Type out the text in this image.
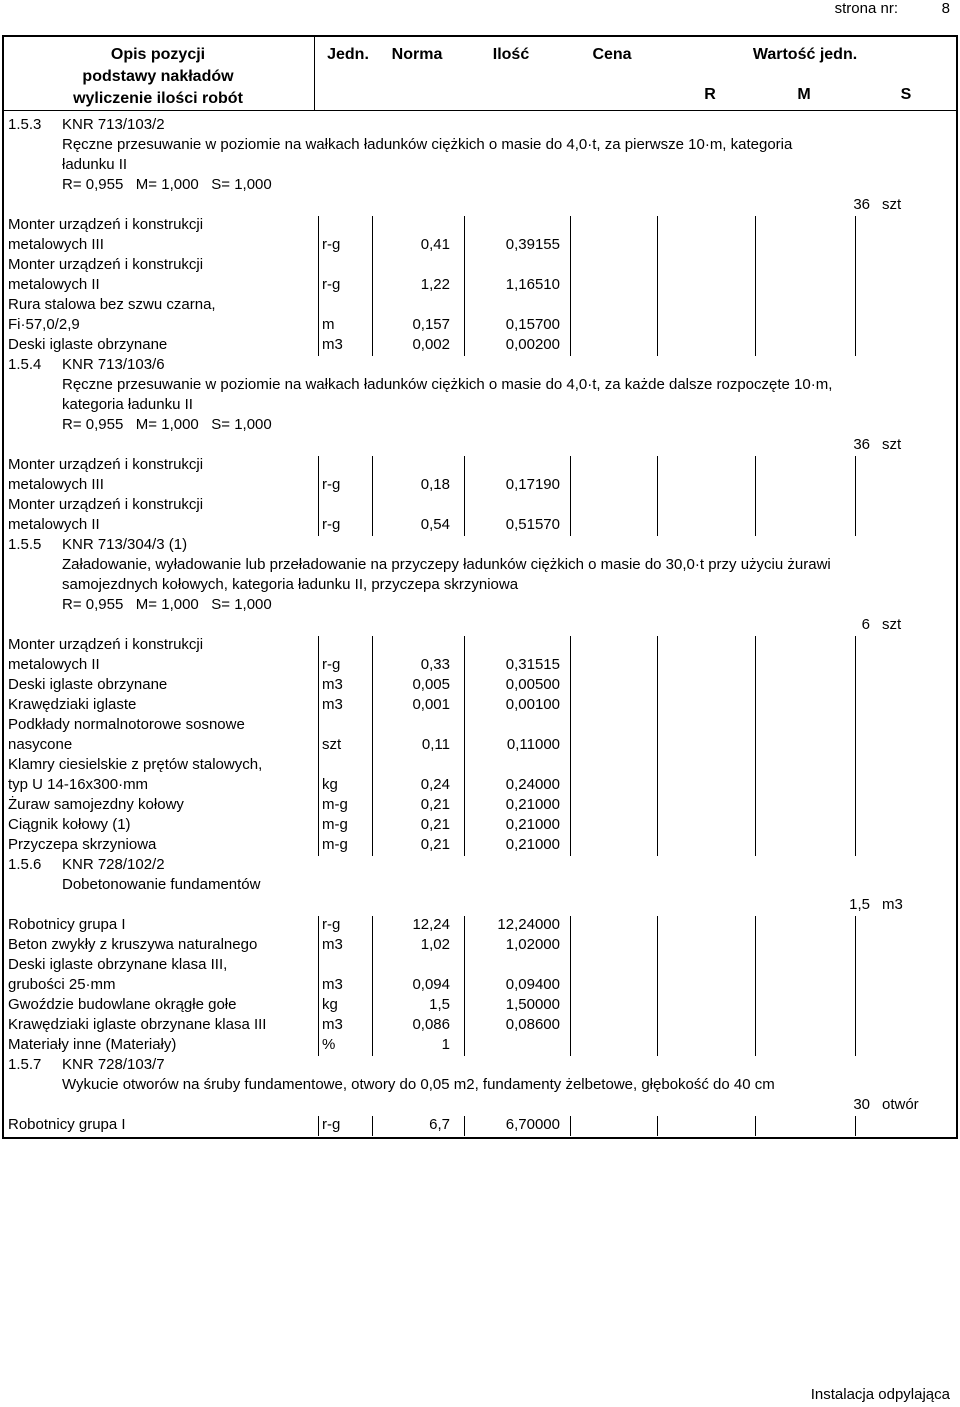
strona nr:	8
Opis pozycji
podstawy nakładów
wyliczenie ilości robót
Jedn.	Norma	Ilość	Cena	Wartość jedn.
R	M	S
1.5.3 KNR 713/103/2
Ręczne przesuwanie w poziomie na wałkach ładunków ciężkich o masie do 4,0·t, za pierwsze 10·m, kategoria
ładunku II
R= 0,955   M= 1,000   S= 1,000
36 szt
Monter urządzeń i konstrukcji
metalowych III	r-g	0,41	0,39155
Monter urządzeń i konstrukcji
metalowych II	r-g	1,22	1,16510
Rura stalowa bez szwu czarna,
Fi·57,0/2,9	m	0,157	0,15700
Deski iglaste obrzynane	m3	0,002	0,00200
1.5.4 KNR 713/103/6
Ręczne przesuwanie w poziomie na wałkach ładunków ciężkich o masie do 4,0·t, za każde dalsze rozpoczęte 10·m,
kategoria ładunku II
R= 0,955   M= 1,000   S= 1,000
36 szt
Monter urządzeń i konstrukcji
metalowych III	r-g	0,18	0,17190
Monter urządzeń i konstrukcji
metalowych II	r-g	0,54	0,51570
1.5.5 KNR 713/304/3 (1)
Załadowanie, wyładowanie lub przeładowanie na przyczepy ładunków ciężkich o masie do 30,0·t przy użyciu żurawi
samojezdnych kołowych, kategoria ładunku II, przyczepa skrzyniowa
R= 0,955   M= 1,000   S= 1,000
6 szt
Monter urządzeń i konstrukcji
metalowych II	r-g	0,33	0,31515
Deski iglaste obrzynane	m3	0,005	0,00500
Krawędziaki iglaste	m3	0,001	0,00100
Podkłady normalnotorowe sosnowe
nasycone	szt	0,11	0,11000
Klamry ciesielskie z prętów stalowych,
typ U 14-16x300·mm	kg	0,24	0,24000
Żuraw samojezdny kołowy	m-g	0,21	0,21000
Ciągnik kołowy (1)	m-g	0,21	0,21000
Przyczepa skrzyniowa	m-g	0,21	0,21000
1.5.6 KNR 728/102/2
Dobetonowanie fundamentów
1,5 m3
Robotnicy grupa I	r-g	12,24	12,24000
Beton zwykły z kruszywa naturalnego	m3	1,02	1,02000
Deski iglaste obrzynane klasa III,
grubości 25·mm	m3	0,094	0,09400
Gwoździe budowlane okrągłe gołe	kg	1,5	1,50000
Krawędziaki iglaste obrzynane klasa III	m3	0,086	0,08600
Materiały inne (Materiały)	%	1
1.5.7 KNR 728/103/7
Wykucie otworów na śruby fundamentowe, otwory do 0,05 m2, fundamenty żelbetowe, głębokość do 40 cm
30 otwór
Robotnicy grupa I	r-g	6,7	6,70000
Instalacja odpylająca
